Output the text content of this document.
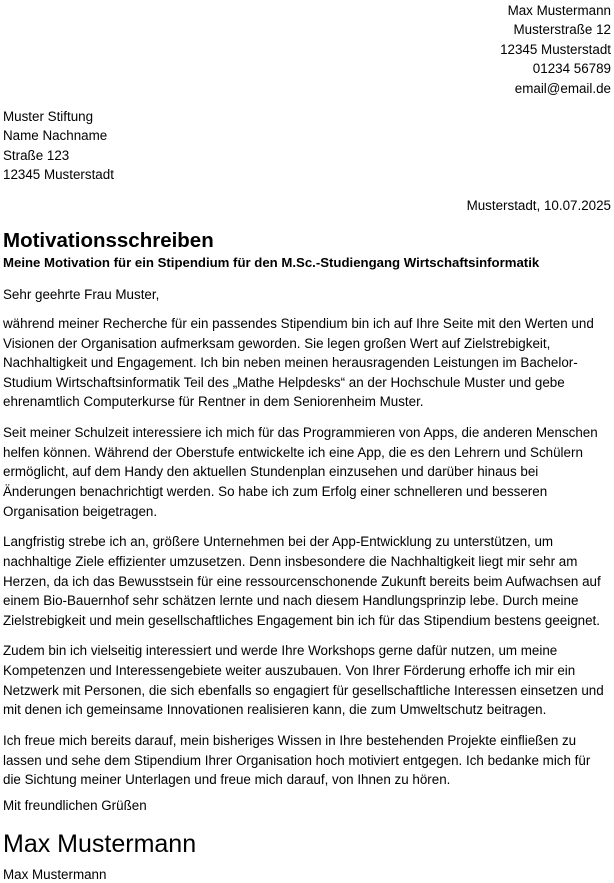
Max Mustermann
Musterstraße 12
12345 Musterstadt
01234 56789
email@email.de
Muster Stiftung
Name Nachname
Straße 123
12345 Musterstadt
Musterstadt, 10.07.2025
Motivationsschreiben
Meine Motivation für ein Stipendium für den M.Sc.-Studiengang Wirtschaftsinformatik
Sehr geehrte Frau Muster,

während meiner Recherche für ein passendes Stipendium bin ich auf Ihre Seite mit den Werten und Visionen der Organisation aufmerksam geworden. Sie legen großen Wert auf Zielstrebigkeit, Nachhaltigkeit und Engagement. Ich bin neben meinen herausragenden Leistungen im Bachelor-Studium Wirtschaftsinformatik Teil des „Mathe Helpdesks“ an der Hochschule Muster und gebe ehrenamtlich Computerkurse für Rentner in dem Seniorenheim Muster.

Seit meiner Schulzeit interessiere ich mich für das Programmieren von Apps, die anderen Menschen helfen können. Während der Oberstufe entwickelte ich eine App, die es den Lehrern und Schülern ermöglicht, auf dem Handy den aktuellen Stundenplan einzusehen und darüber hinaus bei Änderungen benachrichtigt werden. So habe ich zum Erfolg einer schnelleren und besseren Organisation beigetragen.

Langfristig strebe ich an, größere Unternehmen bei der App-Entwicklung zu unterstützen, um nachhaltige Ziele effizienter umzusetzen. Denn insbesondere die Nachhaltigkeit liegt mir sehr am Herzen, da ich das Bewusstsein für eine ressourcenschonende Zukunft bereits beim Aufwachsen auf einem Bio-Bauernhof sehr schätzen lernte und nach diesem Handlungsprinzip lebe. Durch meine Zielstrebigkeit und mein gesellschaftliches Engagement bin ich für das Stipendium bestens geeignet.

Zudem bin ich vielseitig interessiert und werde Ihre Workshops gerne dafür nutzen, um meine Kompetenzen und Interessengebiete weiter auszubauen. Von Ihrer Förderung erhoffe ich mir ein Netzwerk mit Personen, die sich ebenfalls so engagiert für gesellschaftliche Interessen einsetzen und mit denen ich gemeinsame Innovationen realisieren kann, die zum Umweltschutz beitragen.

Ich freue mich bereits darauf, mein bisheriges Wissen in Ihre bestehenden Projekte einfließen zu lassen und sehe dem Stipendium Ihrer Organisation hoch motiviert entgegen. Ich bedanke mich für die Sichtung meiner Unterlagen und freue mich darauf, von Ihnen zu hören.

Mit freundlichen Grüßen
Max Mustermann
Max Mustermann
